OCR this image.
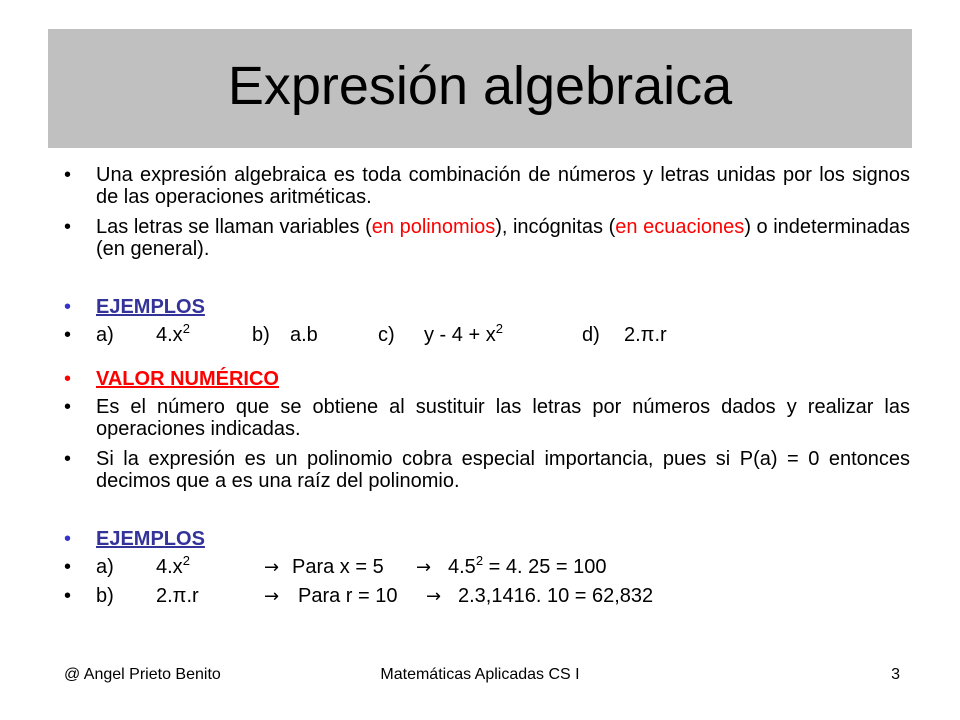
Expresión algebraica
•	Una expresión algebraica es toda combinación de números y letras unidas por los signos de las operaciones aritméticas.
•	Las letras se llaman variables (en polinomios), incógnitas (en ecuaciones) o indeterminadas (en general).
•	EJEMPLOS
•	a) $4.x^2$	b) a.b	c) $y - 4 + x^2$	d) 2.π.r
•	VALOR NUMÉRICO
•	Es el número que se obtiene al sustituir las letras por números dados y realizar las operaciones indicadas.
•	Si la expresión es un polinomio cobra especial importancia, pues si P(a) = 0 entonces decimos que a es una raíz del polinomio.
•	EJEMPLOS
•	a) $4.x^2$	→ Para $x = 5 \to 4.5^2 = 4$. 25 = 100
•	b) 2.π.r	→ Para r = 10 → 2.3,1416. 10 = 62,832
@ Angel Prieto Benito	Matemáticas Aplicadas CS I	3
